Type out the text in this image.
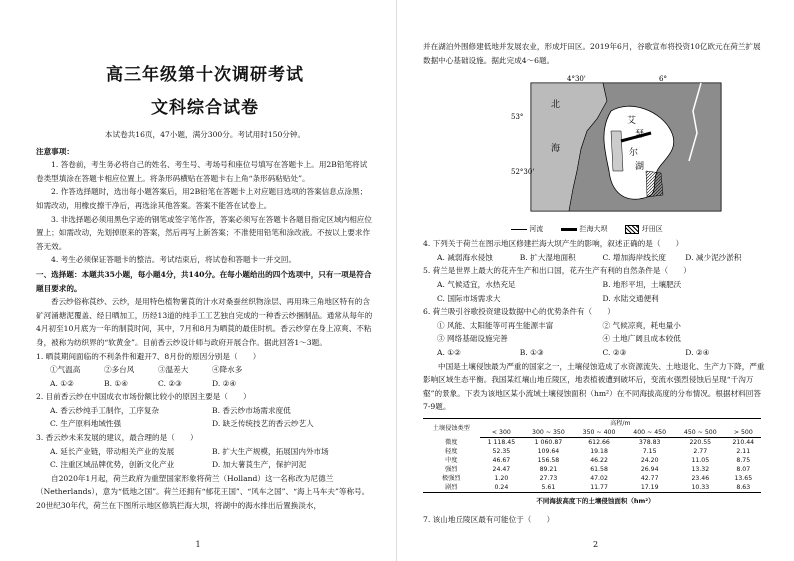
高三年级第十次调研考试
文科综合试卷

本试卷共16页，47小题，满分300分。考试用时150分钟。

注意事项：

1. 答卷前，考生务必将自己的姓名、考生号、考场号和座位号填写在答题卡上。用2B铅笔将试卷类型填涂在答题卡相应位置上。将条形码横贴在答题卡右上角“条形码粘贴处”。

2. 作答选择题时，选出每小题答案后，用2B铅笔在答题卡上对应题目选项的答案信息点涂黑；如需改动，用橡皮擦干净后，再选涂其他答案。答案不能答在试卷上。

3. 非选择题必须用黑色字迹的钢笔或签字笔作答，答案必须写在答题卡各题目指定区域内相应位置上；如需改动，先划掉原来的答案，然后再写上新答案；不准使用铅笔和涂改液。不按以上要求作答无效。

4. 考生必须保证答题卡的整洁。考试结束后，将试卷和答题卡一并交回。

一、选择题：本题共35小题，每小题4分，共140分。在每小题给出的四个选项中，只有一项是符合题目要求的。

香云纱俗称莨纱、云纱，是用特色植物薯莨的汁水对桑蚕丝织物涂层、再用珠三角地区特有的含矿河涌塘泥覆盖、经日晒加工，历经13道的纯手工工艺独自完成的一种香云纱捆制品。通常从每年的4月初至10月底为一年的制莨时间，其中，7月和8月为晒莨的最佳时机。香云纱穿在身上凉爽、不粘身，被称为纺织界的“软黄金”。目前香云纱设计师与政府开展合作。据此回答1～3题。

1. 晒莨期间面临的不利条件和避开7、8月份的原因分别是（　　）

①气温高	②多台风	③温差大	④降水多
A. ①②	B. ①④	C. ②③	D. ②④

2. 目前香云纱在中国成衣市场份额比较小的原因主要是（　　）

A. 香云纱纯手工制作，工序复杂	B. 香云纱市场需求度低
C. 生产原料地域性强	D. 缺乏传统技艺的香云纱艺人

3. 香云纱未来发展的建议，最合理的是（　　）

A. 延长产业链，带动相关产业的发展	B. 扩大生产规模，拓展国内外市场
C. 注重区域品牌优势，创新文化产业	D. 加大薯莨生产，保护河泥

自2020年1月起，荷兰政府为重塑国家形象将荷兰（Holland）这一名称改为尼德兰（Netherlands），意为“低地之国”。荷兰还拥有“郁花王国”、“风车之国”、“海上马车夫”等称号。20世纪30年代，荷兰在下图所示地区修筑拦海大坝，将湖中的海水排出后置换淡水，

1

并在湖泊外围修建低地并发展农业，形成圩田区。2019年6月，谷歌宣布将投资10亿欧元在荷兰扩展数据中心基础设施。据此完成4～6题。

4°30'	6°
53°
52°30'
北
海
艾
瑟
尔
湖
河流	拦海大坝	圩田区

4. 下列关于荷兰在图示地区修建拦海大坝产生的影响，叙述正确的是（　　）

A. 减弱海水侵蚀	B. 扩大湿地面积	C. 增加海岸线长度	D. 减少泥沙淤积

5. 荷兰是世界上最大的花卉生产和出口国，花卉生产有利的自然条件是（　　）

A. 气候适宜，水热充足	B. 地形平坦，土壤肥沃
C. 国际市场需求大	D. 水陆交通便利

6. 荷兰吸引谷歌投资建设数据中心的优势条件有（　　）

① 风能、太阳能等可再生能源丰富	② 气候凉爽，耗电量小
③ 网络基础设施完善	④ 土地广阔且成本较低
A. ①②	B. ①③	C. ②③	D. ②④

中国是土壤侵蚀最为严重的国家之一，土壤侵蚀造成了水资源流失、土地退化、生产力下降，严重影响区域生态平衡。我国某红壤山地丘陵区，地表植被遭到破坏后，变流水强烈侵蚀后呈现“千沟万壑”的景象。下表为该地区某小流域土壤侵蚀面积（hm²）在不同海拔高度的分布情况。根据材料回答7-9题。

土壤侵蚀类型	高程/m					
	< 300	300 ~ 350	350 ~ 400	400 ~ 450	450 ~ 500	> 500
微度	1 118.45	1 060.87	612.66	378.83	220.55	210.44
轻度	52.35	109.64	19.18	7.15	2.77	2.11
中度	46.67	156.58	46.22	24.20	11.05	8.75
强烈	24.47	89.21	61.58	26.94	13.32	8.07
极强烈	1.20	27.73	47.02	42.77	23.46	13.65
剧烈	0.24	5.61	11.77	17.19	10.33	8.63
不同海拔高度下的土壤侵蚀面积（hm²）

7. 该山地丘陵区最有可能位于（　　）

2
